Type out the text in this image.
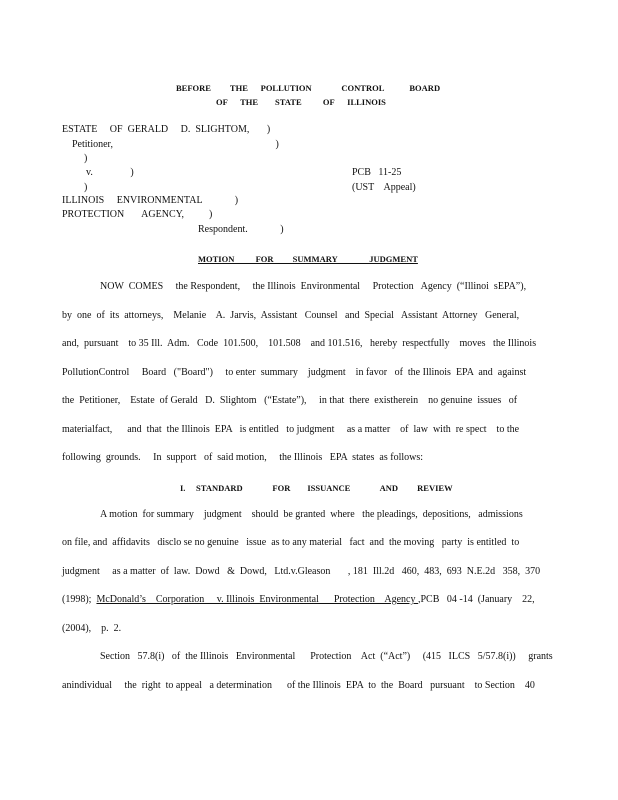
BEFORE         THE      POLLUTION              CONTROL            BOARD
OF      THE        STATE          OF      ILLINOIS
ESTATE     OF  GERALD     D.  SLIGHTOM,       )
Petitioner,                                                                 )
)
v.               )	PCB   11-25
)	(UST    Appeal)
ILLINOIS     ENVIRONMENTAL             )
PROTECTION       AGENCY,          )
Respondent.             )
MOTION          FOR         SUMMARY               JUDGMENT
NOW  COMES     the Respondent,     the Illinois  Environmental     Protection   Agency  (“Illinoi  sEPA”),
by  one  of  its  attorneys,    Melanie    A.  Jarvis,  Assistant   Counsel   and  Special   Assistant  Attorney   General,
and,  pursuant    to 35 Ill.  Adm.   Code  101.500,    101.508    and 101.516,   hereby  respectfully    moves   the Illinois
PollutionControl     Board   ("Board")     to enter  summary    judgment    in favor   of  the Illinois  EPA  and  against
the  Petitioner,    Estate  of Gerald   D.  Slightom   (“Estate”),     in that  there  existherein    no genuine  issues   of
materialfact,      and  that  the Illinois  EPA   is entitled   to judgment     as a matter    of  law  with  re spect    to the
following  grounds.     In  support   of  said motion,     the Illinois   EPA  states  as follows:
I.     STANDARD              FOR        ISSUANCE              AND         REVIEW
A motion  for summary    judgment    should  be granted  where   the pleadings,  depositions,   admissions
on file, and  affidavits   disclo se no genuine   issue  as to any material   fact  and  the moving   party  is entitled  to
judgment     as a matter  of  law.  Dowd   &  Dowd,   Ltd.v.Gleason       , 181  Ill.2d   460,  483,  693  N.E.2d   358,  370
(1998);  McDonald’s    Corporation     v. Illinois  Environmental      Protection    Agency ,PCB   04 -14  (January    22,
(2004),    p.  2.
Section   57.8(i)   of  the Illinois   Environmental      Protection    Act  (“Act”)     (415   ILCS   5/57.8(i))     grants
anindividual     the  right  to appeal   a determination      of the Illinois  EPA  to  the  Board   pursuant    to Section    40
